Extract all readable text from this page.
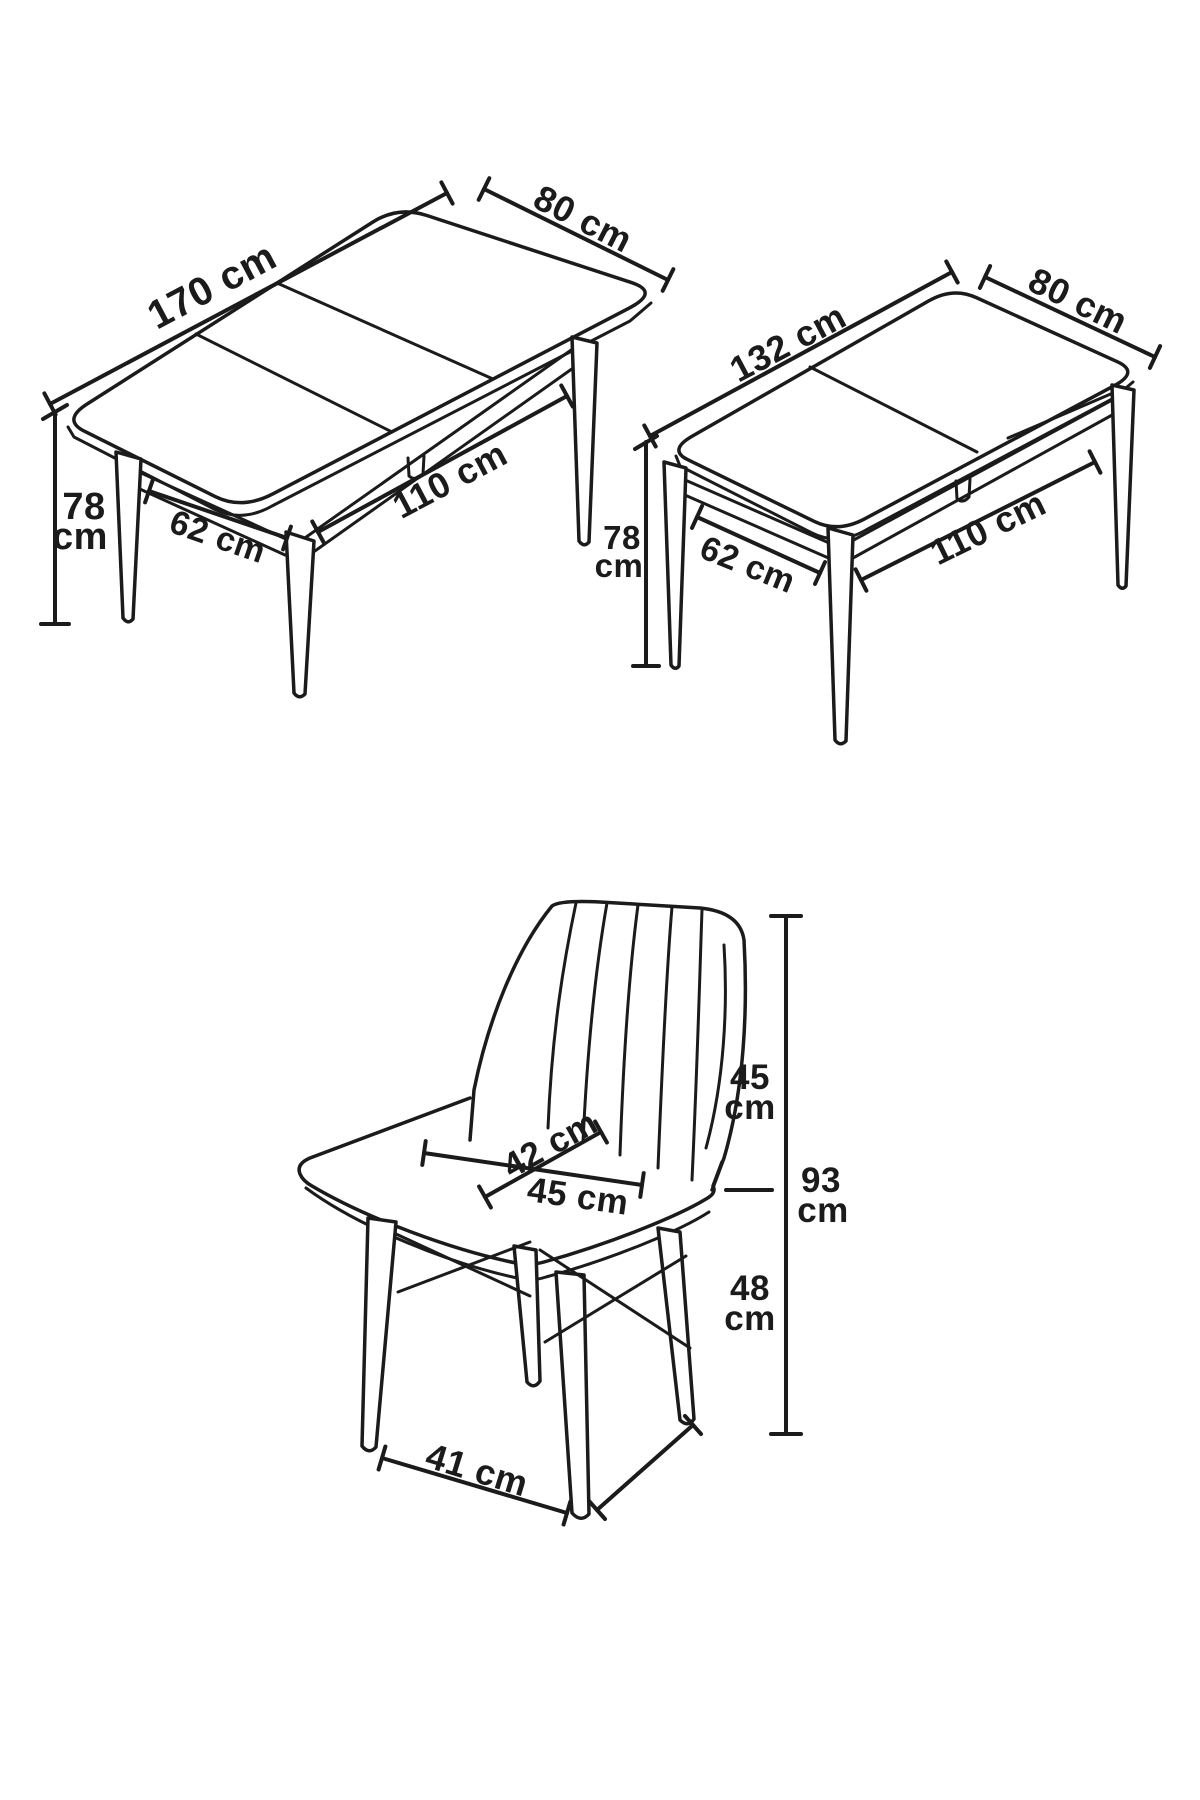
170 cm
80 cm
78
cm 62 cm
110 cm
132 cm	80 cm
78
cm 62 cm	110 cm
42 cm
45 cm
45
cm
93
cm
48
cm
41 cm
